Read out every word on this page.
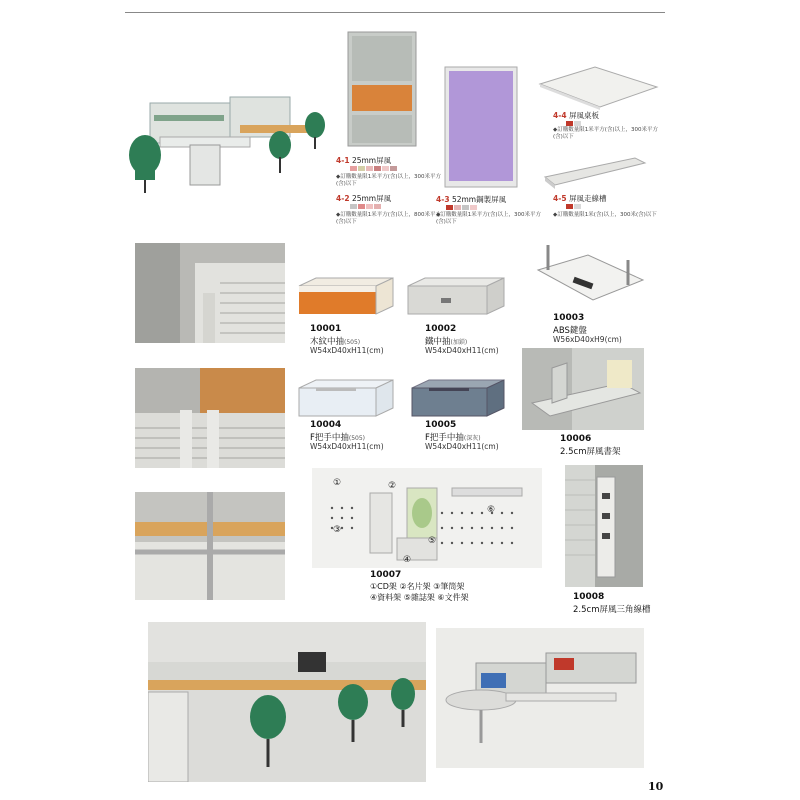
4-1 25mm屏風
◆訂購數量限1米平方(含)以上，300米平方(含)以下
4-2 25mm屏風
◆訂購數量限1米平方(含)以上，800米平方(含)以下
4-3 52mm鋼製屏風
◆訂購數量限1米平方(含)以上，300米平方(含)以下
4-4 屏風桌板
◆訂購數量限1米平方(含)以上，300米平方(含)以下
4-5 屏風走線槽
◆訂購數量限1米(含)以上，300米(含)以下
10001
木紋中抽(505)
W54xD40xH11(cm)
10002
鐵中抽(加鎖)
W54xD40xH11(cm)
10003
ABS鍵盤
W56xD40xH9(cm)
10004
F把手中抽(505)
W54xD40xH11(cm)
10005
F把手中抽(深灰)
W54xD40xH11(cm)
10006
2.5cm屏風書架
①	②
③
④
⑤
⑥
10007
①CD架 ②名片架 ③筆筒架
④資料架 ⑤雜誌架 ⑥文件架	10008
2.5cm屏風三角線槽
10
